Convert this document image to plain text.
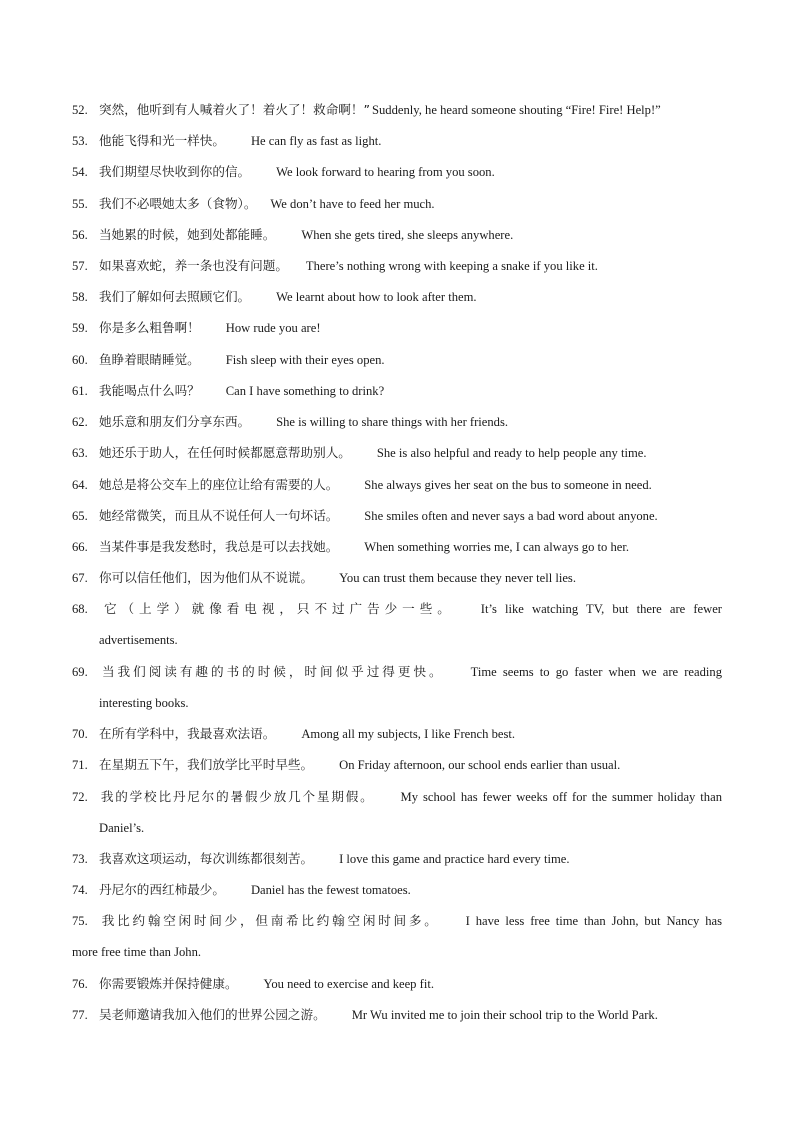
52. 突然，他听到有人喊着火了！着火了！救命啊！” Suddenly, he heard someone shouting “Fire! Fire! Help!”
53. 他能飞得和光一样快。 He can fly as fast as light.
54. 我们期望尽快收到你的信。 We look forward to hearing from you soon.
55. 我们不必喂她太多（食物）。 We don’t have to feed her much.
56. 当她累的时候，她到处都能睡。 When she gets tired, she sleeps anywhere.
57. 如果喜欢蛇，养一条也没有问题。 There’s nothing wrong with keeping a snake if you like it.
58. 我们了解如何去照顾它们。 We learnt about how to look after them.
59. 你是多么粗鲁啊！ How rude you are!
60. 鱼睁着眼睛睡觉。 Fish sleep with their eyes open.
61. 我能喝点什么吗？ Can I have something to drink?
62. 她乐意和朋友们分享东西。 She is willing to share things with her friends.
63. 她还乐于助人，在任何时候都愿意帮助别人。 She is also helpful and ready to help people any time.
64. 她总是将公交车上的座位让给有需要的人。 She always gives her seat on the bus to someone in need.
65. 她经常微笑，而且从不说任何人一句坏话。 She smiles often and never says a bad word about anyone.
66. 当某件事是我发愁时，我总是可以去找她。 When something worries me, I can always go to her.
67. 你可以信任他们，因为他们从不说谎。 You can trust them because they never tell lies.
68. 它（上学）就像看电视，只不过广告少一些。 It’s like watching TV, but there are fewer
advertisements.
69. 当我们阅读有趣的书的时候，时间似乎过得更快。 Time seems to go faster when we are reading
interesting books.
70. 在所有学科中，我最喜欢法语。 Among all my subjects, I like French best.
71. 在星期五下午，我们放学比平时早些。 On Friday afternoon, our school ends earlier than usual.
72. 我的学校比丹尼尔的暑假少放几个星期假。 My school has fewer weeks off for the summer holiday than
Daniel’s.
73. 我喜欢这项运动，每次训练都很刻苦。 I love this game and practice hard every time.
74. 丹尼尔的西红柿最少。 Daniel has the fewest tomatoes.
75. 我比约翰空闲时间少，但南希比约翰空闲时间多。 I have less free time than John, but Nancy has
more free time than John.
76. 你需要锻炼并保持健康。 You need to exercise and keep fit.
77. 吴老师邀请我加入他们的世界公园之游。 Mr Wu invited me to join their school trip to the World Park.
